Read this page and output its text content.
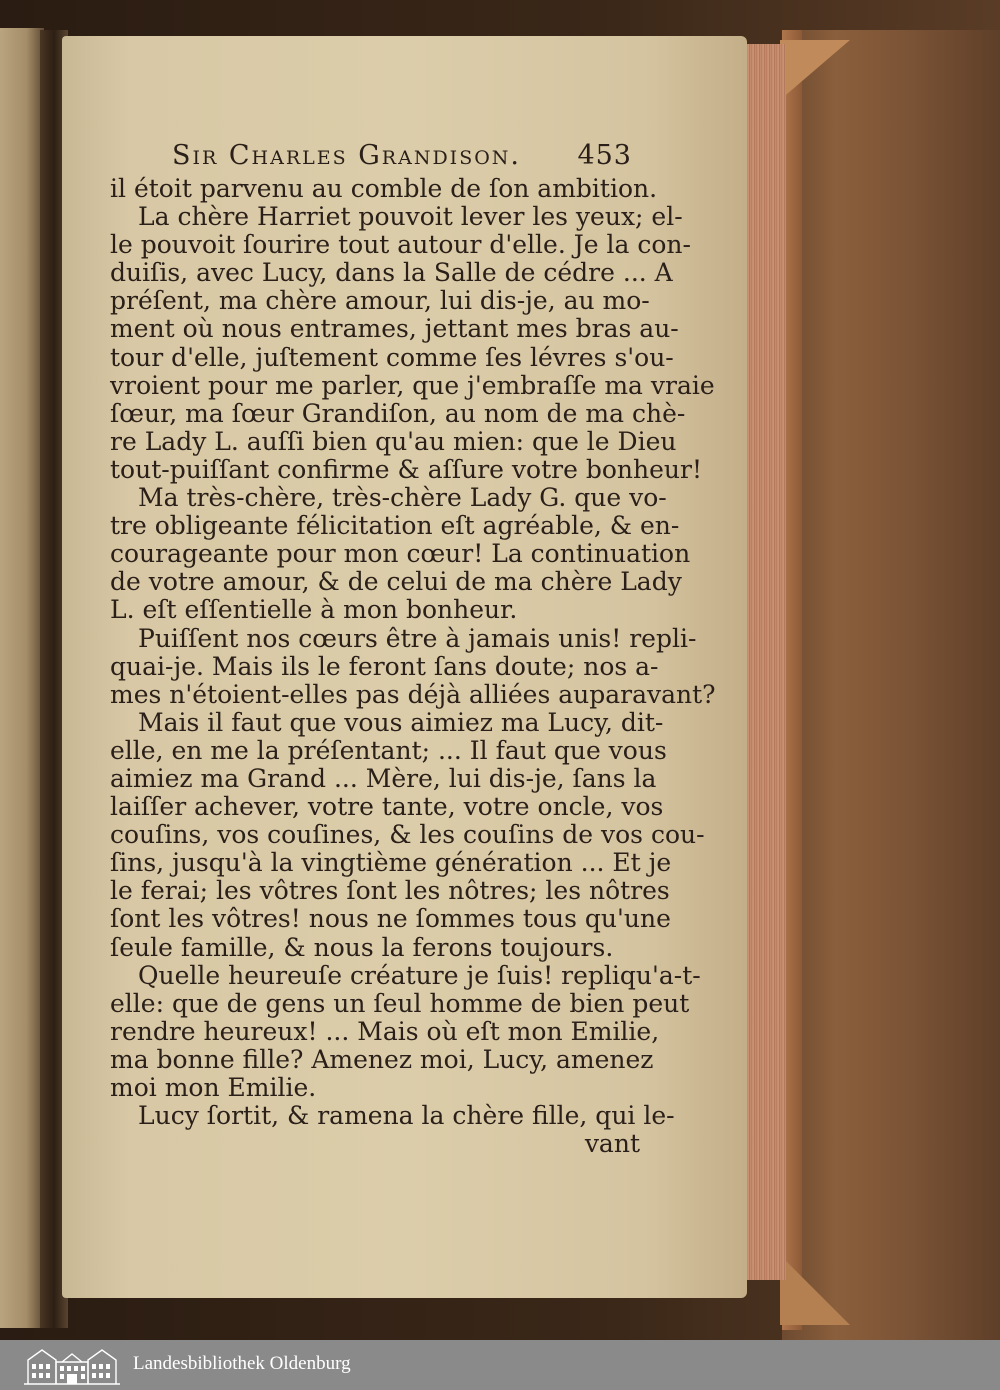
Sir Charles Grandison. 453
il étoit parvenu au comble de ſon ambition.
La chère Harriet pouvoit lever les yeux; el-
le pouvoit ſourire tout autour d'elle. Je la con-
duiſis, avec Lucy, dans la Salle de cédre ... A
préſent, ma chère amour, lui dis-je, au mo-
ment où nous entrames, jettant mes bras au-
tour d'elle, juſtement comme ſes lévres s'ou-
vroient pour me parler, que j'embraſſe ma vraie
ſœur, ma ſœur Grandiſon, au nom de ma chè-
re Lady L. auſſi bien qu'au mien: que le Dieu
tout-puiſſant confirme & aſſure votre bonheur!
Ma très-chère, très-chère Lady G. que vo-
tre obligeante félicitation eſt agréable, & en-
courageante pour mon cœur! La continuation
de votre amour, & de celui de ma chère Lady
L. eſt eſſentielle à mon bonheur.
Puiſſent nos cœurs être à jamais unis! repli-
quai-je. Mais ils le feront ſans doute; nos a-
mes n'étoient-elles pas déjà alliées auparavant?
Mais il faut que vous aimiez ma Lucy, dit-
elle, en me la préſentant; ... Il faut que vous
aimiez ma Grand ... Mère, lui dis-je, ſans la
laiſſer achever, votre tante, votre oncle, vos
couſins, vos couſines, & les couſins de vos cou-
ſins, jusqu'à la vingtième génération ... Et je
le ferai; les vôtres ſont les nôtres; les nôtres
ſont les vôtres! nous ne ſommes tous qu'une
ſeule famille, & nous la ferons toujours.
Quelle heureuſe créature je ſuis! repliqu'a-t-
elle: que de gens un ſeul homme de bien peut
rendre heureux! ... Mais où eſt mon Emilie,
ma bonne fille? Amenez moi, Lucy, amenez
moi mon Emilie.
Lucy ſortit, & ramena la chère fille, qui le-
vant
Landesbibliothek Oldenburg
